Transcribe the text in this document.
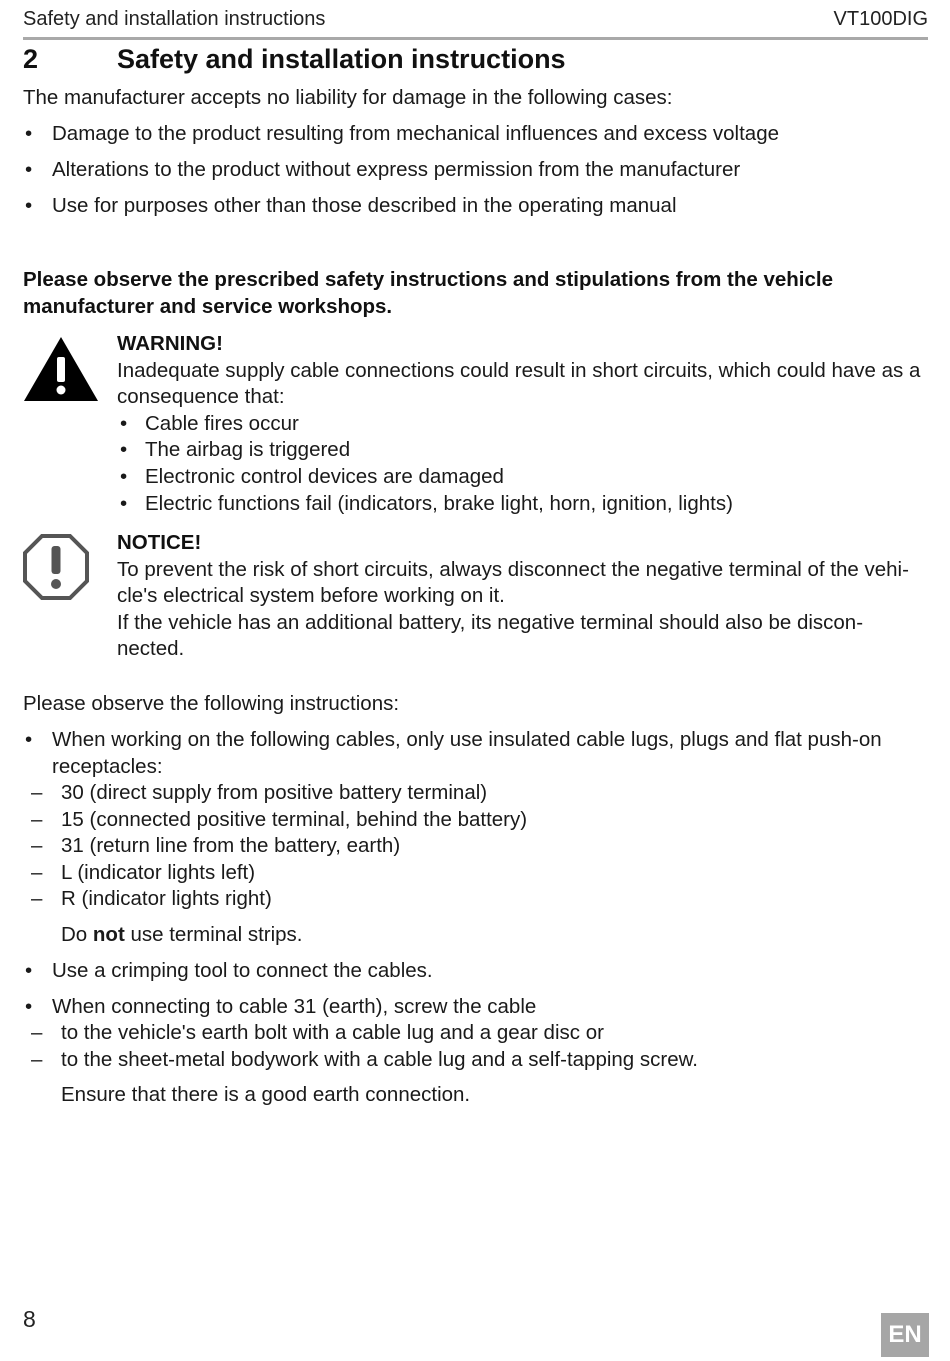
Safety and installation instructions	VT100DIG
2	Safety and installation instructions

The manufacturer accepts no liability for damage in the following cases:

• Damage to the product resulting from mechanical influences and excess voltage
• Alterations to the product without express permission from the manufacturer
• Use for purposes other than those described in the operating manual

Please observe the prescribed safety instructions and stipulations from the vehicle manufacturer and service workshops.

WARNING!
Inadequate supply cable connections could result in short circuits, which could have as a consequence that:
• Cable fires occur
• The airbag is triggered
• Electronic control devices are damaged
• Electric functions fail (indicators, brake light, horn, ignition, lights)
NOTICE!
To prevent the risk of short circuits, always disconnect the negative terminal of the vehi-cle's electrical system before working on it.
If the vehicle has an additional battery, its negative terminal should also be discon-nected.

Please observe the following instructions:

• When working on the following cables, only use insulated cable lugs, plugs and flat push-on receptacles:
– 30 (direct supply from positive battery terminal)
– 15 (connected positive terminal, behind the battery)
– 31 (return line from the battery, earth)
– L (indicator lights left)
– R (indicator lights right)
Do not use terminal strips.
• Use a crimping tool to connect the cables.
• When connecting to cable 31 (earth), screw the cable
– to the vehicle's earth bolt with a cable lug and a gear disc or
– to the sheet-metal bodywork with a cable lug and a self-tapping screw.
Ensure that there is a good earth connection.
8
EN
